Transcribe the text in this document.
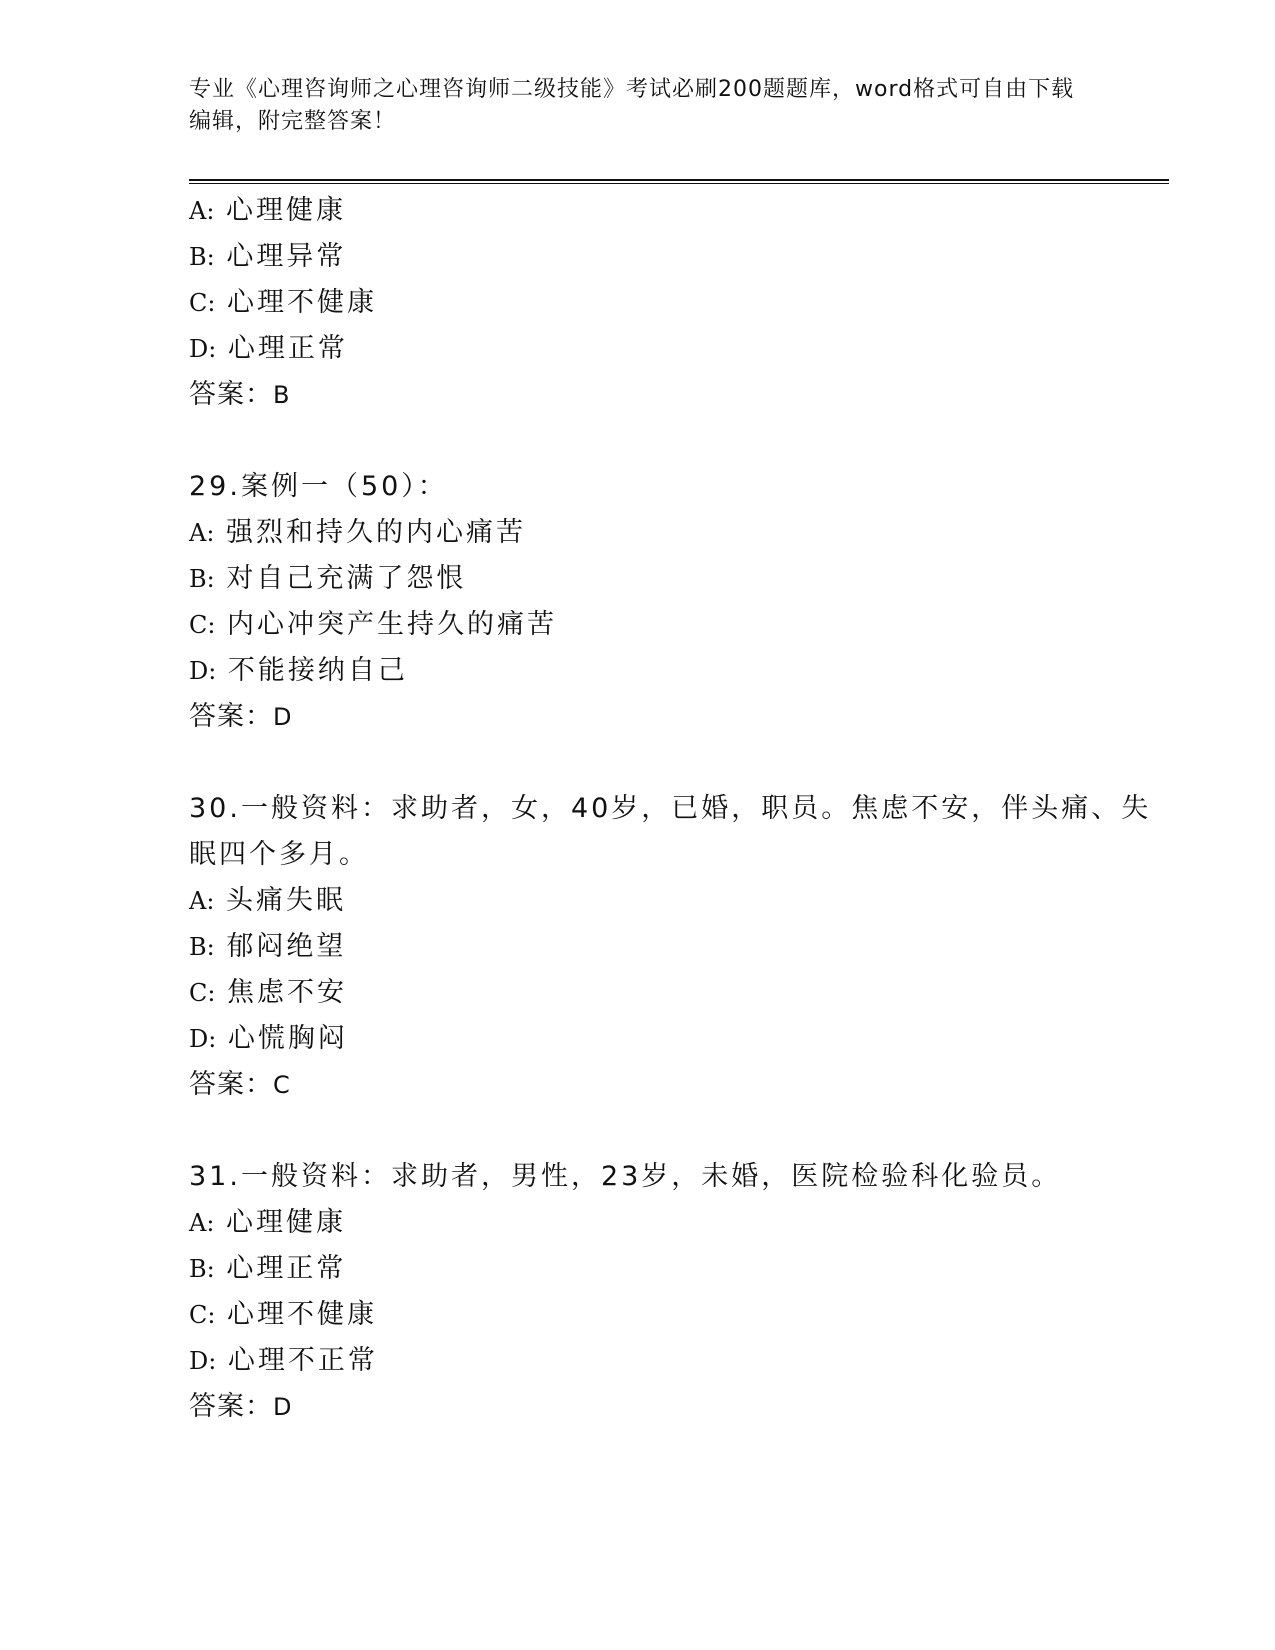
专业《心理咨询师之心理咨询师二级技能》考试必刷200题题库，word格式可自由下载编辑，附完整答案！
A: 心理健康
B: 心理异常
C: 心理不健康
D: 心理正常
答案：B
29.案例一（50）：
A: 强烈和持久的内心痛苦
B: 对自己充满了怨恨
C: 内心冲突产生持久的痛苦
D: 不能接纳自己
答案：D
30.一般资料：求助者，女，40岁，已婚，职员。焦虑不安，伴头痛、失眠四个多月。
A: 头痛失眠
B: 郁闷绝望
C: 焦虑不安
D: 心慌胸闷
答案：C
31.一般资料：求助者，男性，23岁，未婚，医院检验科化验员。
A: 心理健康
B: 心理正常
C: 心理不健康
D: 心理不正常
答案：D
